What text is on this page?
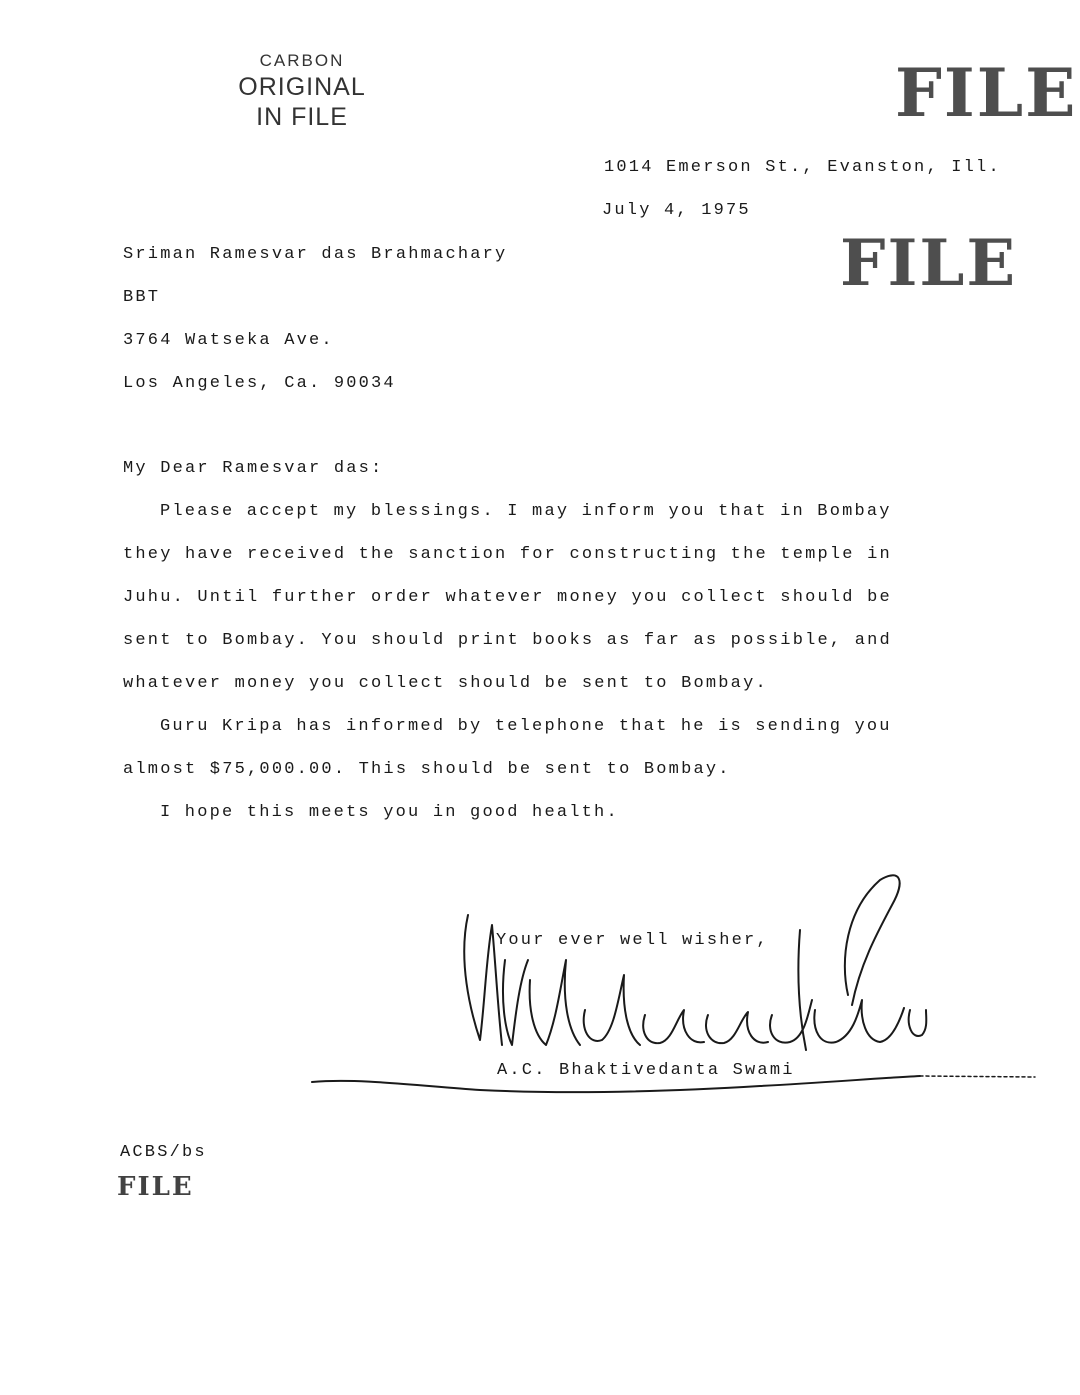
CARBON
ORIGINAL
IN FILE	FILE
FILE
1014 Emerson St., Evanston, Ill.
July 4, 1975
Sriman Ramesvar das Brahmachary
BBT
3764 Watseka Ave.
Los Angeles, Ca. 90034
My Dear Ramesvar das:
Please accept my blessings. I may inform you that in Bombay
they have received the sanction for constructing the temple in
Juhu. Until further order whatever money you collect should be
sent to Bombay. You should print books as far as possible, and
whatever money you collect should be sent to Bombay.
Guru Kripa has informed by telephone that he is sending you
almost $75,000.00. This should be sent to Bombay.
I hope this meets you in good health.
Your ever well wisher,
A.C. Bhaktivedanta Swami
ACBS/bs
FILE
